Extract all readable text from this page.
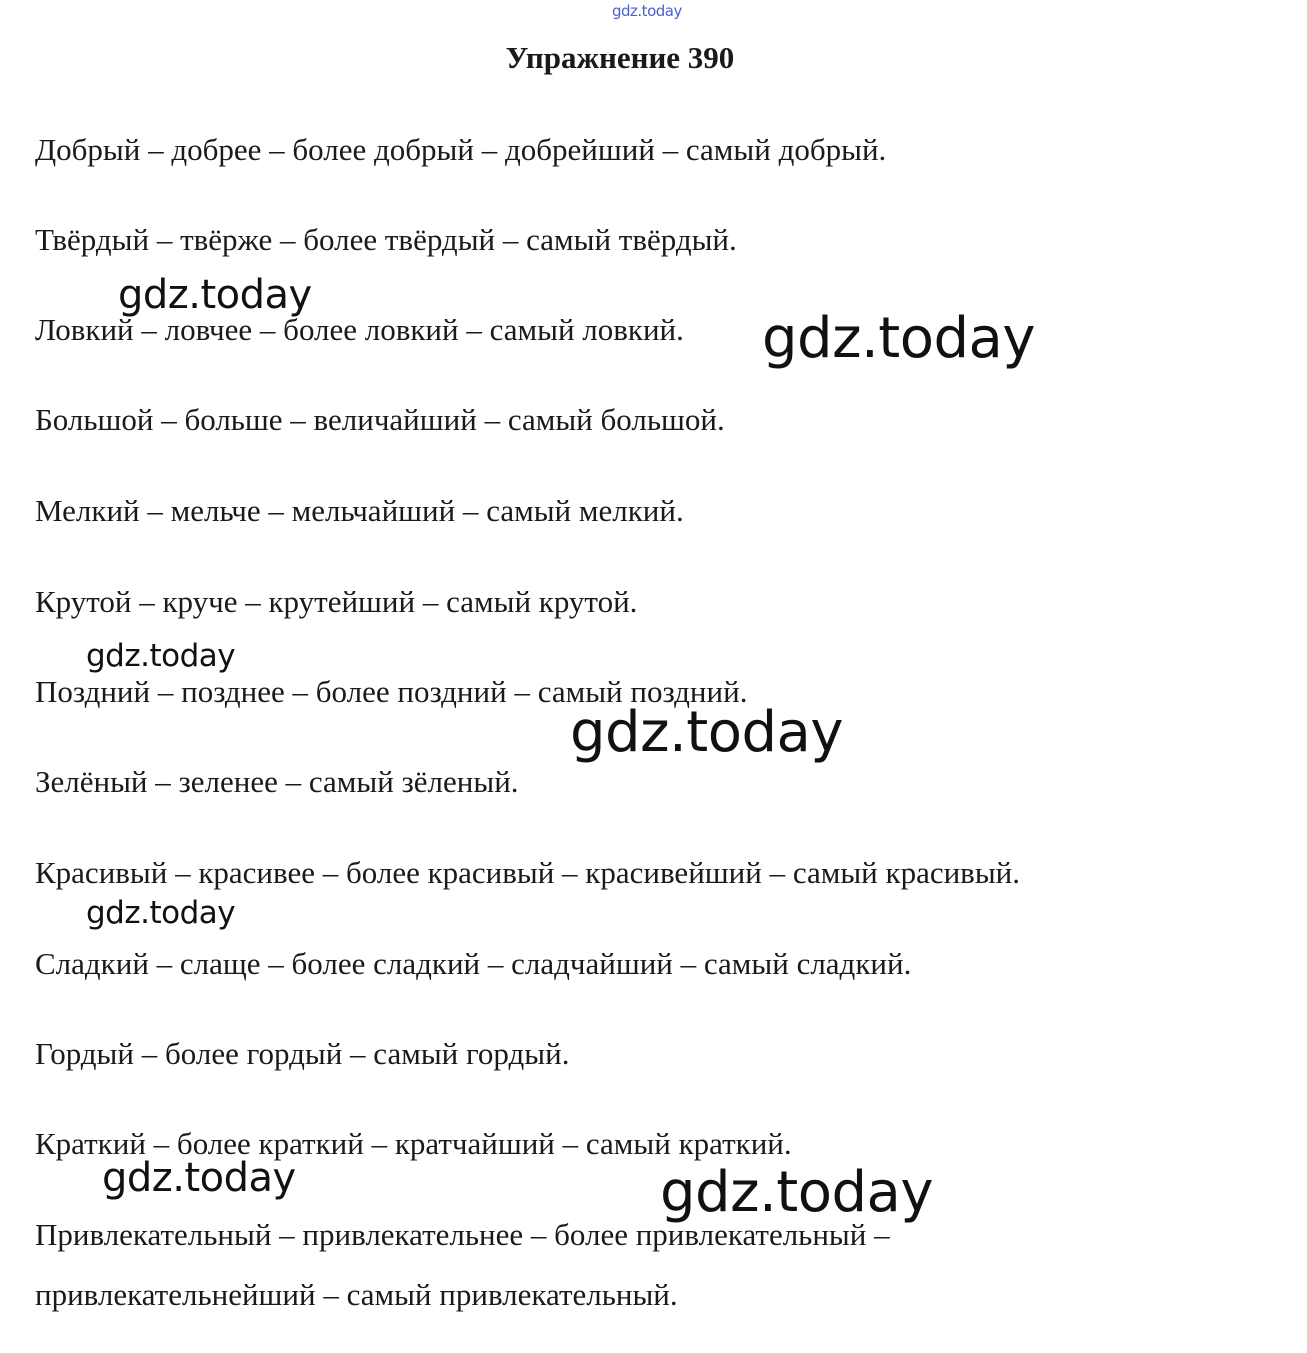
gdz.today
Упражнение 390
Добрый – добрее – более добрый – добрейший – самый добрый.
Твёрдый – твёрже – более твёрдый – самый твёрдый.
Ловкий – ловчее – более ловкий – самый ловкий.
Большой – больше – величайший – самый большой.
Мелкий – мельче – мельчайший – самый мелкий.
Крутой – круче – крутейший – самый крутой.
Поздний – позднее – более поздний – самый поздний.
Зелёный – зеленее – самый зёленый.
Красивый – красивее – более красивый – красивейший – самый красивый.
Сладкий – слаще – более сладкий – сладчайший – самый сладкий.
Гордый – более гордый – самый гордый.
Краткий – более краткий – кратчайший – самый краткий.
Привлекательный – привлекательнее – более привлекательный –
привлекательнейший – самый привлекательный.
gdz.today
gdz.today
gdz.today
gdz.today
gdz.today
gdz.today	gdz.today
